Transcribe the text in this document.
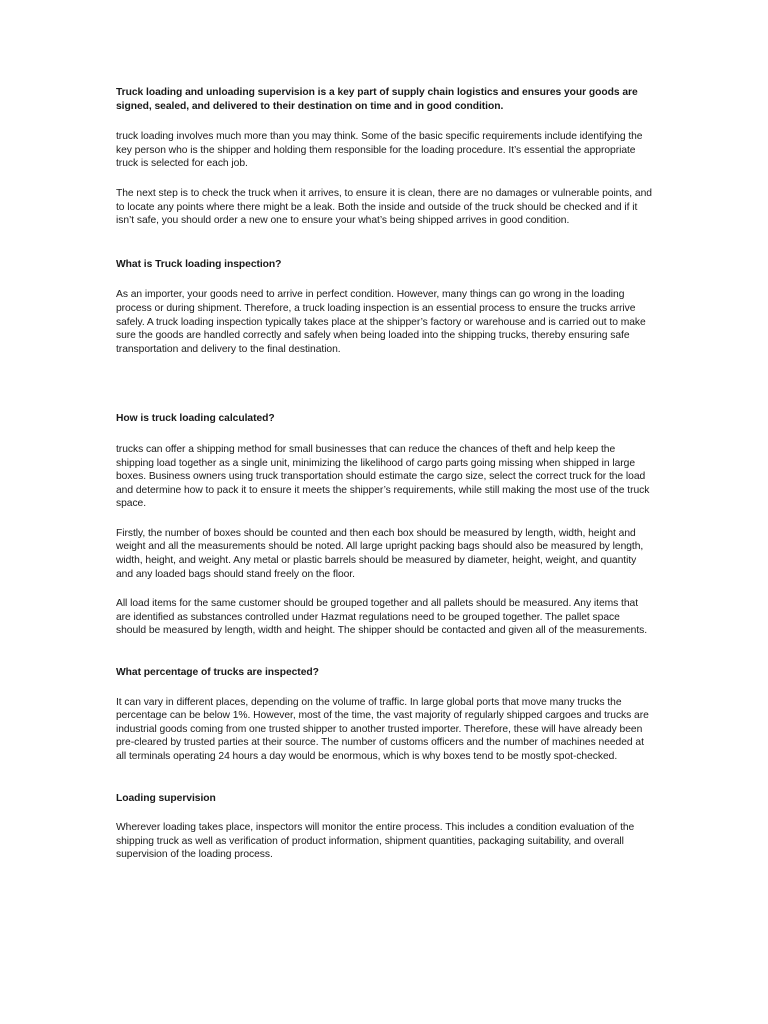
Truck loading and unloading supervision is a key part of supply chain logistics and ensures your goods are signed, sealed, and delivered to their destination on time and in good condition.

truck loading involves much more than you may think. Some of the basic specific requirements include identifying the key person who is the shipper and holding them responsible for the loading procedure. It’s essential the appropriate truck is selected for each job.

The next step is to check the truck when it arrives, to ensure it is clean, there are no damages or vulnerable points, and to locate any points where there might be a leak. Both the inside and outside of the truck should be checked and if it isn’t safe, you should order a new one to ensure your what’s being shipped arrives in good condition.

What is Truck loading inspection?

As an importer, your goods need to arrive in perfect condition. However, many things can go wrong in the loading process or during shipment. Therefore, a truck loading inspection is an essential process to ensure the trucks arrive safely. A truck loading inspection typically takes place at the shipper’s factory or warehouse and is carried out to make sure the goods are handled correctly and safely when being loaded into the shipping trucks, thereby ensuring safe transportation and delivery to the final destination.

How is truck loading calculated?

trucks can offer a shipping method for small businesses that can reduce the chances of theft and help keep the shipping load together as a single unit, minimizing the likelihood of cargo parts going missing when shipped in large boxes. Business owners using truck transportation should estimate the cargo size, select the correct truck for the load and determine how to pack it to ensure it meets the shipper’s requirements, while still making the most use of the truck space.

Firstly, the number of boxes should be counted and then each box should be measured by length, width, height and weight and all the measurements should be noted. All large upright packing bags should also be measured by length, width, height, and weight. Any metal or plastic barrels should be measured by diameter, height, weight, and quantity and any loaded bags should stand freely on the floor.

All load items for the same customer should be grouped together and all pallets should be measured. Any items that are identified as substances controlled under Hazmat regulations need to be grouped together. The pallet space should be measured by length, width and height. The shipper should be contacted and given all of the measurements.

What percentage of trucks are inspected?

It can vary in different places, depending on the volume of traffic. In large global ports that move many trucks the percentage can be below 1%. However, most of the time, the vast majority of regularly shipped cargoes and trucks are industrial goods coming from one trusted shipper to another trusted importer. Therefore, these will have already been pre-cleared by trusted parties at their source. The number of customs officers and the number of machines needed at all terminals operating 24 hours a day would be enormous, which is why boxes tend to be mostly spot-checked.

Loading supervision

Wherever loading takes place, inspectors will monitor the entire process. This includes a condition evaluation of the shipping truck as well as verification of product information, shipment quantities, packaging suitability, and overall supervision of the loading process.
